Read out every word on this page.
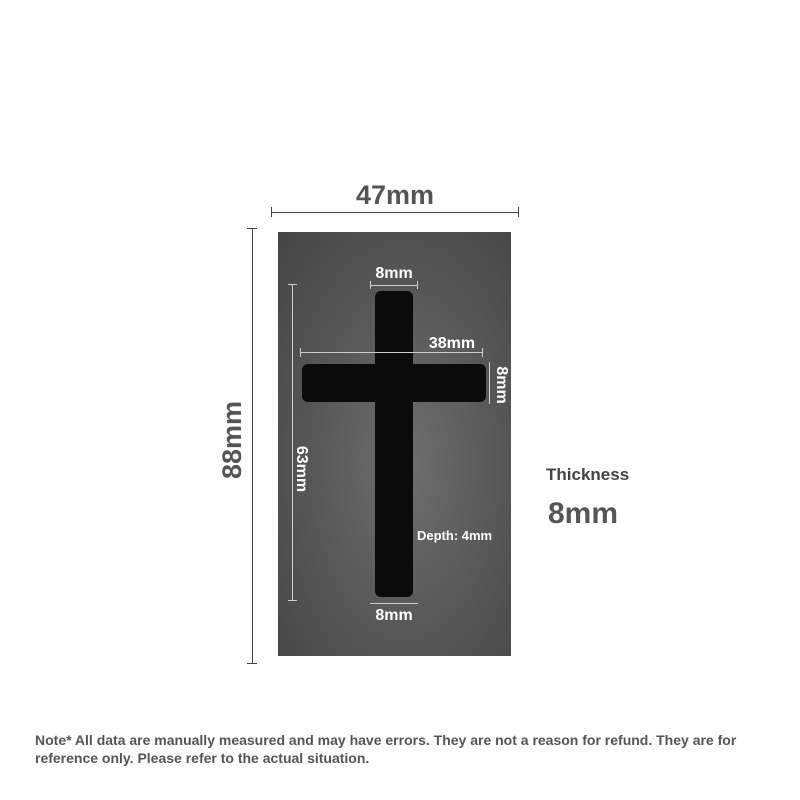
47mm
88mm
8mm
38mm
8mm
63mm
8mm
Depth: 4mm
Thickness
8mm
Note* All data are manually measured and may have errors. They are not a reason for refund. They are for reference only. Please refer to the actual situation.
